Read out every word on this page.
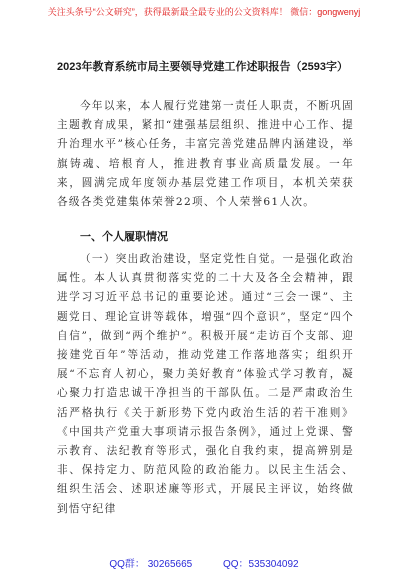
关注头条号“公文研究”，获得最新最全最专业的公文资料库！ 微信：gongwenyj
2023年教育系统市局主要领导党建工作述职报告（2593字）
今年以来，本人履行党建第一责任人职责，不断巩固主题教育成果，紧扣“建强基层组织、推进中心工作、提升治理水平”核心任务，丰富完善党建品牌内涵建设，举旗铸魂、培根育人，推进教育事业高质量发展。一年来，圆满完成年度领办基层党建工作项目，本机关荣获各级各类党建集体荣誉22项、个人荣誉61人次。
一、个人履职情况
（一）突出政治建设，坚定党性自觉。一是强化政治属性。本人认真贯彻落实党的二十大及各全会精神，跟进学习习近平总书记的重要论述。通过“三会一课”、主题党日、理论宣讲等载体，增强“四个意识”，坚定“四个自信”，做到“两个维护”。积极开展“走访百个支部、迎接建党百年”等活动，推动党建工作落地落实；组织开展“不忘育人初心，聚力美好教育”体验式学习教育，凝心聚力打造忠诚干净担当的干部队伍。二是严肃政治生活严格执行《关于新形势下党内政治生活的若干准则》《中国共产党重大事项请示报告条例》，通过上党课、警示教育、法纪教育等形式，强化自我约束，提高辨别是非、保持定力、防范风险的政治能力。以民主生活会、组织生活会、述职述廉等形式，开展民主评议，始终做到悟守纪律
QQ群： 30265665	QQ：535304092
